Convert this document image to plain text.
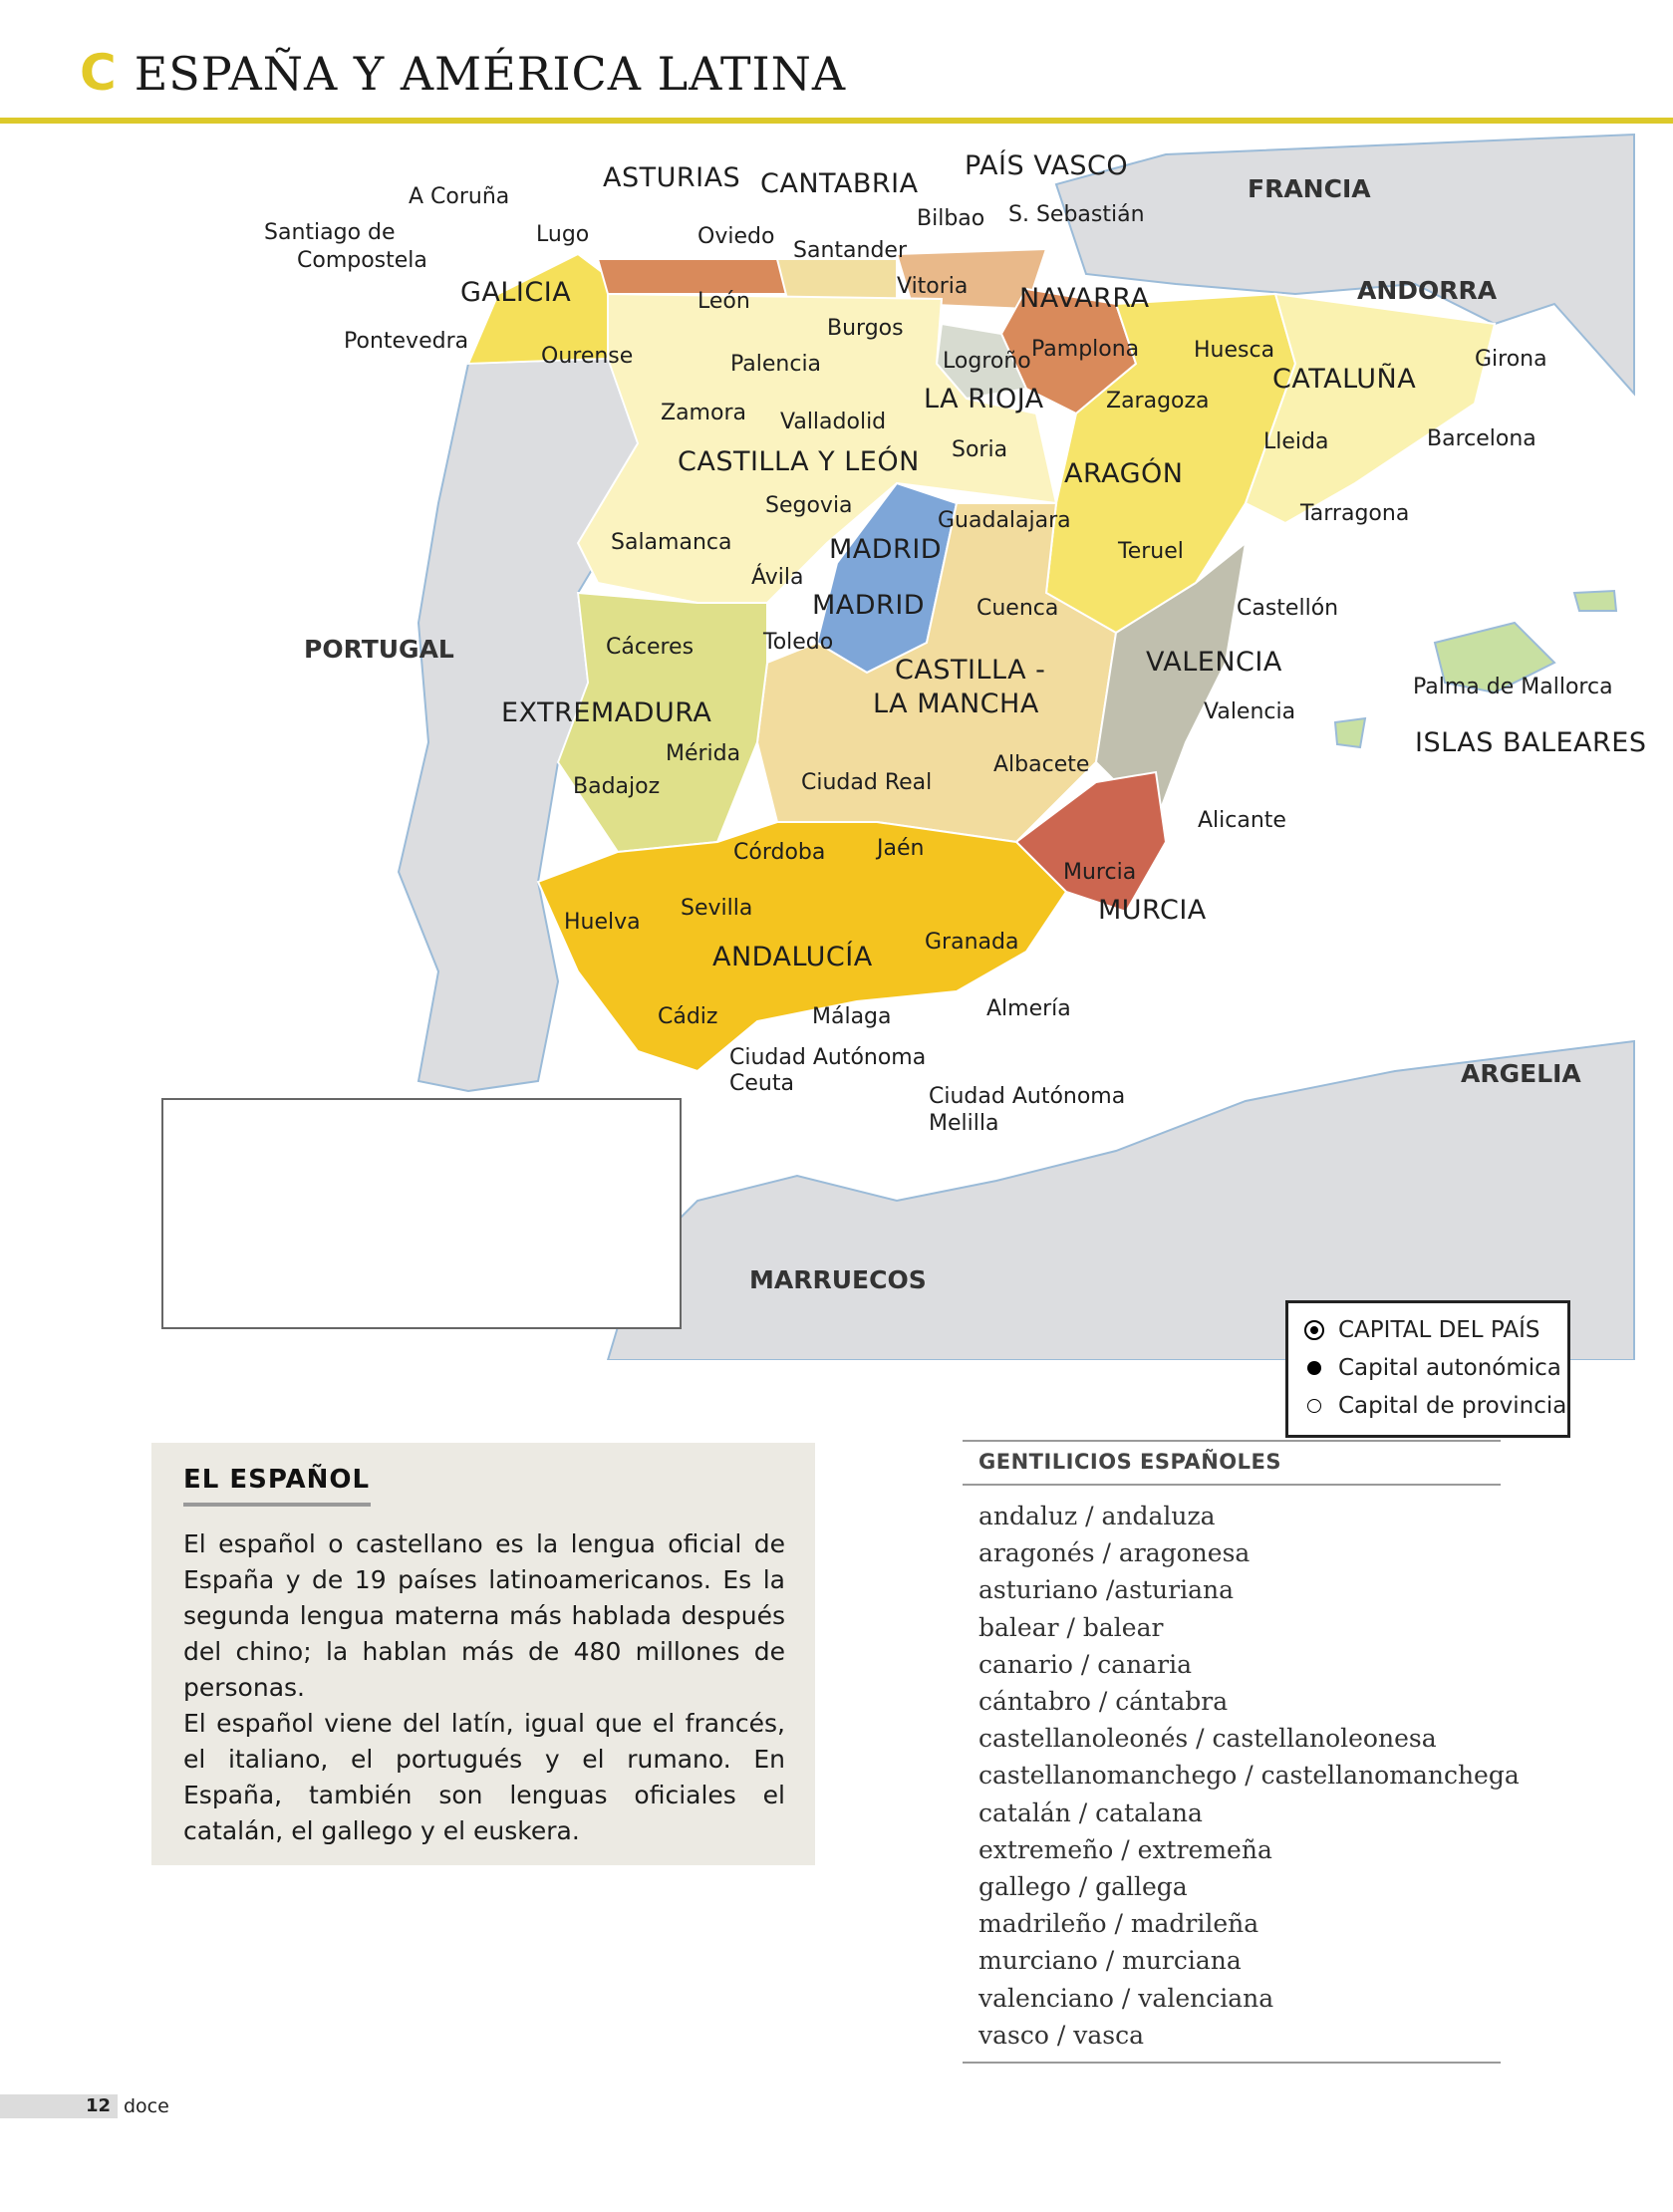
C ESPAÑA Y AMÉRICA LATINA
FRANCIA
ANDORRA
PORTUGAL
ARGELIA
MARRUECOS
ASTURIAS CANTABRIA
PAÍS VASCO
GALICIA	NAVARRA
LA RIOJA
CATALUÑA
CASTILLA Y LEÓN	ARAGÓN
MADRID
MADRID
CASTILLA -
LA MANCHA
EXTREMADURA
VALENCIA
ISLAS BALEARES
MURCIA
ANDALUCÍA
A Coruña
Santiago de
Compostela
Lugo	Oviedo
Santander
Bilbao S. Sebastián
Vitoria
León
Pontevedra
Ourense
Burgos
Palencia	Logroño Pamplona Huesca	Girona
Zamora Valladolid
Zaragoza
Soria	Lleida	Barcelona
Segovia
Guadalajara	Tarragona
Salamanca
Ávila
Teruel
Castellón
Cuenca
Toledo
Cáceres
Palma de Mallorca
Valencia
Mérida
Badajoz
Albacete
Ciudad Real
Alicante
Córdoba Jaén
Murcia
Huelva
Sevilla
Granada
Cádiz	Málaga	Almería
Ciudad Autónoma
Ceuta
Ciudad Autónoma
Melilla
CAPITAL DEL PAÍS
Capital autonómica
Capital de provincia
EL ESPAÑOL

El español o castellano es la lengua oficial de España y de 19 países latinoamericanos. Es la segunda lengua materna más hablada después del chino; la hablan más de 480 millones de personas.

El español viene del latín, igual que el francés, el italiano, el portugués y el rumano. En España, también son lenguas oficiales el catalán, el gallego y el euskera.

GENTILICIOS ESPAÑOLES
andaluz / andaluza
aragonés / aragonesa
asturiano /asturiana
balear / balear
canario / canaria
cántabro / cántabra
castellanoleonés / castellanoleonesa
castellanomanchego / castellanomanchega
catalán / catalana
extremeño / extremeña
gallego / gallega
madrileño / madrileña
murciano / murciana
valenciano / valenciana
vasco / vasca
12 doce
